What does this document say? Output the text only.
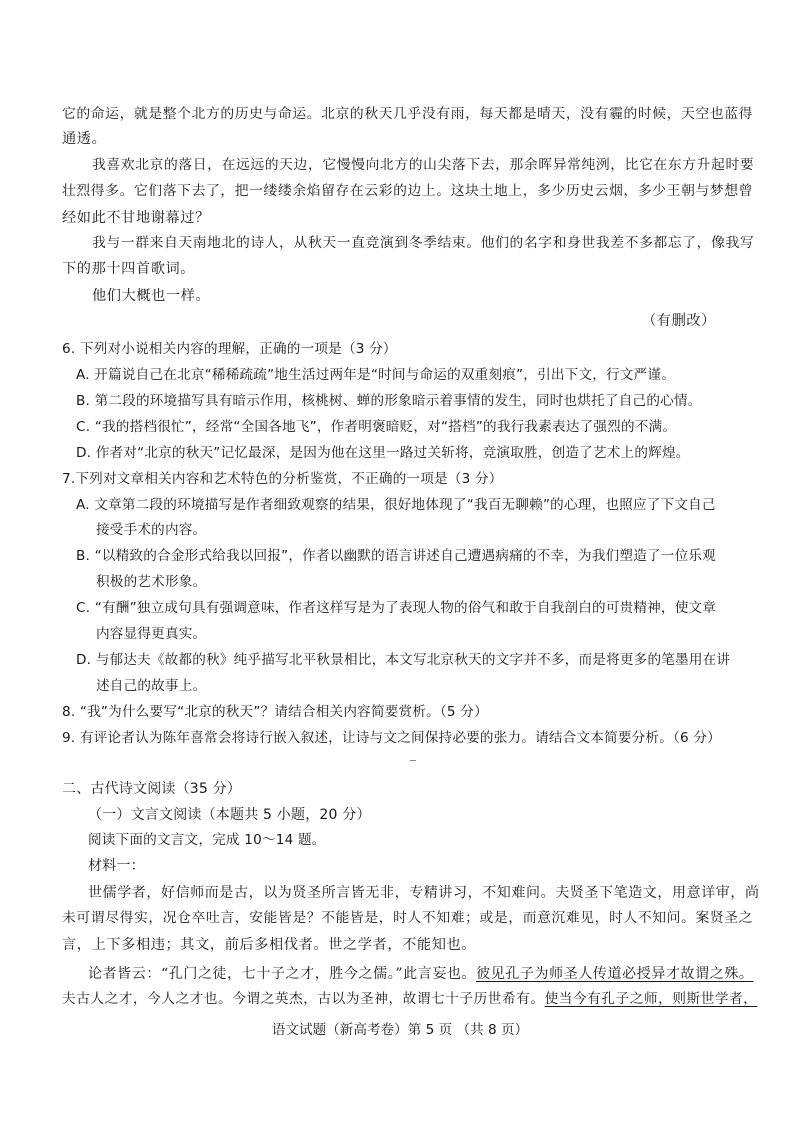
它的命运，就是整个北方的历史与命运。北京的秋天几乎没有雨，每天都是晴天，没有霾的时候，天空也蓝得
通透。
我喜欢北京的落日，在远远的天边，它慢慢向北方的山尖落下去，那余晖异常纯洌，比它在东方升起时要
壮烈得多。它们落下去了，把一缕缕余焰留存在云彩的边上。这块土地上，多少历史云烟，多少王朝与梦想曾
经如此不甘地谢幕过？
我与一群来自天南地北的诗人，从秋天一直竞演到冬季结束。他们的名字和身世我差不多都忘了，像我写
下的那十四首歌词。
他们大概也一样。
（有删改）
6. 下列对小说相关内容的理解，正确的一项是（3 分）
A. 开篇说自己在北京“稀稀疏疏”地生活过两年是“时间与命运的双重刻痕”，引出下文，行文严谨。
B. 第二段的环境描写具有暗示作用，核桃树、蝉的形象暗示着事情的发生，同时也烘托了自己的心情。
C. “我的搭档很忙”，经常“全国各地飞”，作者明褒暗贬，对“搭档”的我行我素表达了强烈的不满。
D. 作者对“北京的秋天”记忆最深，是因为他在这里一路过关斩将，竞演取胜，创造了艺术上的辉煌。
7.下列对文章相关内容和艺术特色的分析鉴赏，不正确的一项是（3 分）
A. 文章第二段的环境描写是作者细致观察的结果，很好地体现了“我百无聊赖”的心理，也照应了下文自己
接受手术的内容。
B. “以精致的合金形式给我以回报”，作者以幽默的语言讲述自己遭遇病痛的不幸，为我们塑造了一位乐观
积极的艺术形象。
C. “有酬”独立成句具有强调意味，作者这样写是为了表现人物的俗气和敢于自我剖白的可贵精神，使文章
内容显得更真实。
D. 与郁达夫《故都的秋》纯乎描写北平秋景相比，本文写北京秋天的文字并不多，而是将更多的笔墨用在讲
述自己的故事上。
8. “我”为什么要写“北京的秋天”？请结合相关内容简要赏析。（5 分）
9. 有评论者认为陈年喜常会将诗行嵌入叙述，让诗与文之间保持必要的张力。请结合文本简要分析。（6 分）
二、古代诗文阅读（35 分）
（一）文言文阅读（本题共 5 小题，20 分）
阅读下面的文言文，完成 10～14 题。
材料一：
世儒学者，好信师而是古，以为贤圣所言皆无非，专精讲习，不知难问。夫贤圣下笔造文，用意详审，尚
未可谓尽得实，况仓卒吐言，安能皆是？不能皆是，时人不知难；或是，而意沉难见，时人不知问。案贤圣之
言，上下多相违；其文，前后多相伐者。世之学者，不能知也。
论者皆云：“孔门之徒，七十子之才，胜今之儒。”此言妄也。彼见孔子为师圣人传道必授异才故谓之殊。
夫古人之才，今人之才也。今谓之英杰，古以为圣神，故谓七十子历世希有。使当今有孔子之师，则斯世学者，
语文试题（新高考卷）第 5 页 （共 8 页）
